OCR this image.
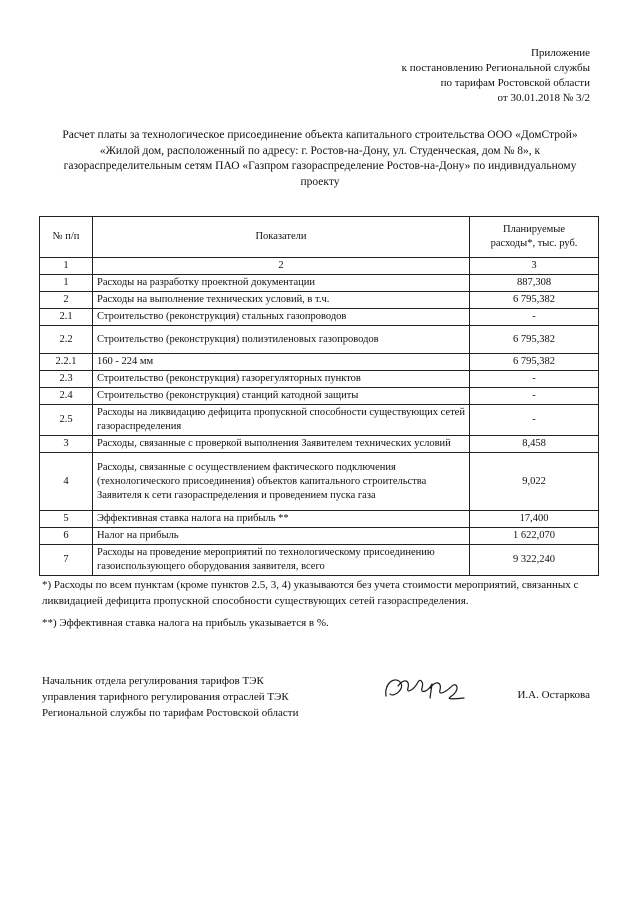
Приложение
к постановлению Региональной службы
по тарифам Ростовской области
от 30.01.2018 № 3/2
Расчет платы за технологическое присоединение объекта капитального строительства ООО «ДомСтрой»
«Жилой дом, расположенный по адресу: г. Ростов-на-Дону, ул. Студенческая, дом № 8», к
газораспределительным сетям ПАО «Газпром газораспределение Ростов-на-Дону» по индивидуальному
проекту
№ п/п	Показатели	Планируемые
расходы*, тыс. руб.
1	2	3
1	Расходы на разработку проектной документации	887,308
2	Расходы на выполнение технических условий, в т.ч.	6 795,382
2.1	Строительство (реконструкция) стальных газопроводов	-
2.2	Строительство (реконструкция) полиэтиленовых газопроводов	6 795,382
2.2.1	160 - 224 мм	6 795,382
2.3	Строительство (реконструкция) газорегуляторных пунктов	-
2.4	Строительство (реконструкция) станций катодной защиты	-
2.5	Расходы на ликвидацию дефицита пропускной способности существующих сетей газораспределения	-
3	Расходы, связанные с проверкой выполнения Заявителем технических условий	8,458
4	Расходы, связанные с осуществлением фактического подключения (технологического присоединения) объектов капитального строительства Заявителя к сети газораспределения и проведением пуска газа	9,022
5	Эффективная ставка налога на прибыль **	17,400
6	Налог на прибыль	1 622,070
7	Расходы на проведение мероприятий по технологическому присоединению газоиспользующего оборудования заявителя, всего	9 322,240

*) Расходы по всем пунктам (кроме пунктов 2.5, 3, 4) указываются без учета стоимости мероприятий, связанных с ликвидацией дефицита пропускной способности существующих сетей газораспределения.

**) Эффективная ставка налога на прибыль указывается в %.

Начальник отдела регулирования тарифов ТЭК
управления тарифного регулирования отраслей ТЭК
Региональной службы по тарифам Ростовской области
И.А. Остаркова
